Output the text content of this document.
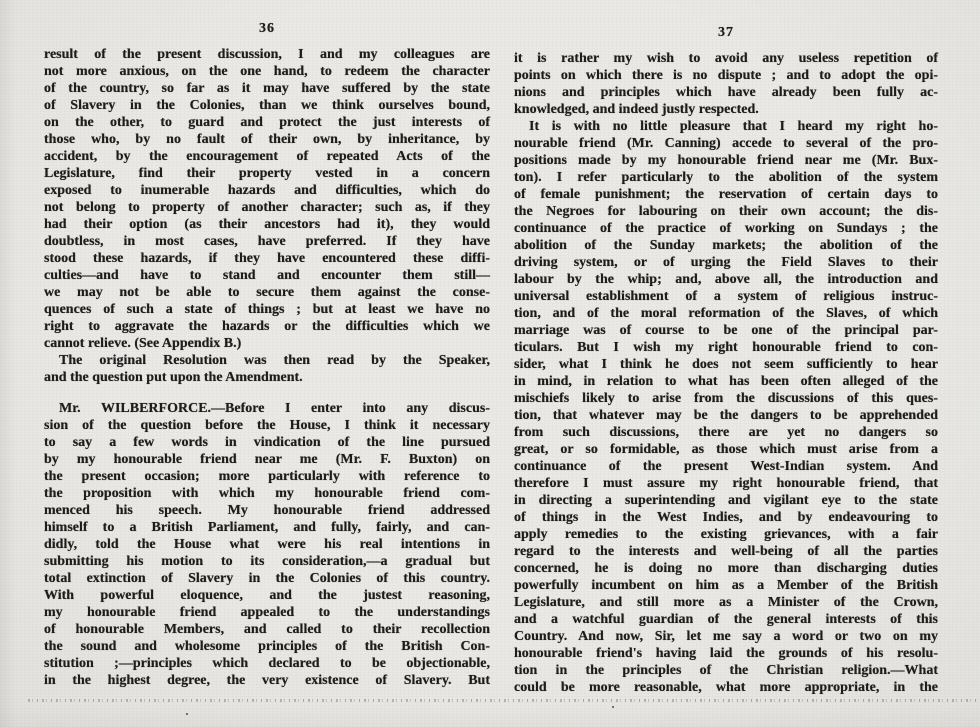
36
result of the present discussion, I and my colleagues are
not more anxious, on the one hand, to redeem the character
of the country, so far as it may have suffered by the state
of Slavery in the Colonies, than we think ourselves bound,
on the other, to guard and protect the just interests of
those who, by no fault of their own, by inheritance, by
accident, by the encouragement of repeated Acts of the
Legislature, find their property vested in a concern
exposed to inumerable hazards and difficulties, which do
not belong to property of another character; such as, if they
had their option (as their ancestors had it), they would
doubtless, in most cases, have preferred. If they have
stood these hazards, if they have encountered these diffi-
culties—and have to stand and encounter them still—
we may not be able to secure them against the conse-
quences of such a state of things ; but at least we have no
right to aggravate the hazards or the difficulties which we
cannot relieve. (See Appendix B.)
The original Resolution was then read by the Speaker,
and the question put upon the Amendment.
Mr. WILBERFORCE.—Before I enter into any discus-
sion of the question before the House, I think it necessary
to say a few words in vindication of the line pursued
by my honourable friend near me (Mr. F. Buxton) on
the present occasion; more particularly with reference to
the proposition with which my honourable friend com-
menced his speech. My honourable friend addressed
himself to a British Parliament, and fully, fairly, and can-
didly, told the House what were his real intentions in
submitting his motion to its consideration,—a gradual but
total extinction of Slavery in the Colonies of this country.
With powerful eloquence, and the justest reasoning,
my honourable friend appealed to the understandings
of honourable Members, and called to their recollection
the sound and wholesome principles of the British Con-
stitution ;—principles which declared to be objectionable,
in the highest degree, the very existence of Slavery. But
37
it is rather my wish to avoid any useless repetition of
points on which there is no dispute ; and to adopt the opi-
nions and principles which have already been fully ac-
knowledged, and indeed justly respected.
It is with no little pleasure that I heard my right ho-
nourable friend (Mr. Canning) accede to several of the pro-
positions made by my honourable friend near me (Mr. Bux-
ton). I refer particularly to the abolition of the system
of female punishment; the reservation of certain days to
the Negroes for labouring on their own account; the dis-
continuance of the practice of working on Sundays ; the
abolition of the Sunday markets; the abolition of the
driving system, or of urging the Field Slaves to their
labour by the whip; and, above all, the introduction and
universal establishment of a system of religious instruc-
tion, and of the moral reformation of the Slaves, of which
marriage was of course to be one of the principal par-
ticulars. But I wish my right honourable friend to con-
sider, what I think he does not seem sufficiently to hear
in mind, in relation to what has been often alleged of the
mischiefs likely to arise from the discussions of this ques-
tion, that whatever may be the dangers to be apprehended
from such discussions, there are yet no dangers so
great, or so formidable, as those which must arise from a
continuance of the present West-Indian system. And
therefore I must assure my right honourable friend, that
in directing a superintending and vigilant eye to the state
of things in the West Indies, and by endeavouring to
apply remedies to the existing grievances, with a fair
regard to the interests and well-being of all the parties
concerned, he is doing no more than discharging duties
powerfully incumbent on him as a Member of the British
Legislature, and still more as a Minister of the Crown,
and a watchful guardian of the general interests of this
Country. And now, Sir, let me say a word or two on my
honourable friend's having laid the grounds of his resolu-
tion in the principles of the Christian religion.—What
could be more reasonable, what more appropriate, in the
